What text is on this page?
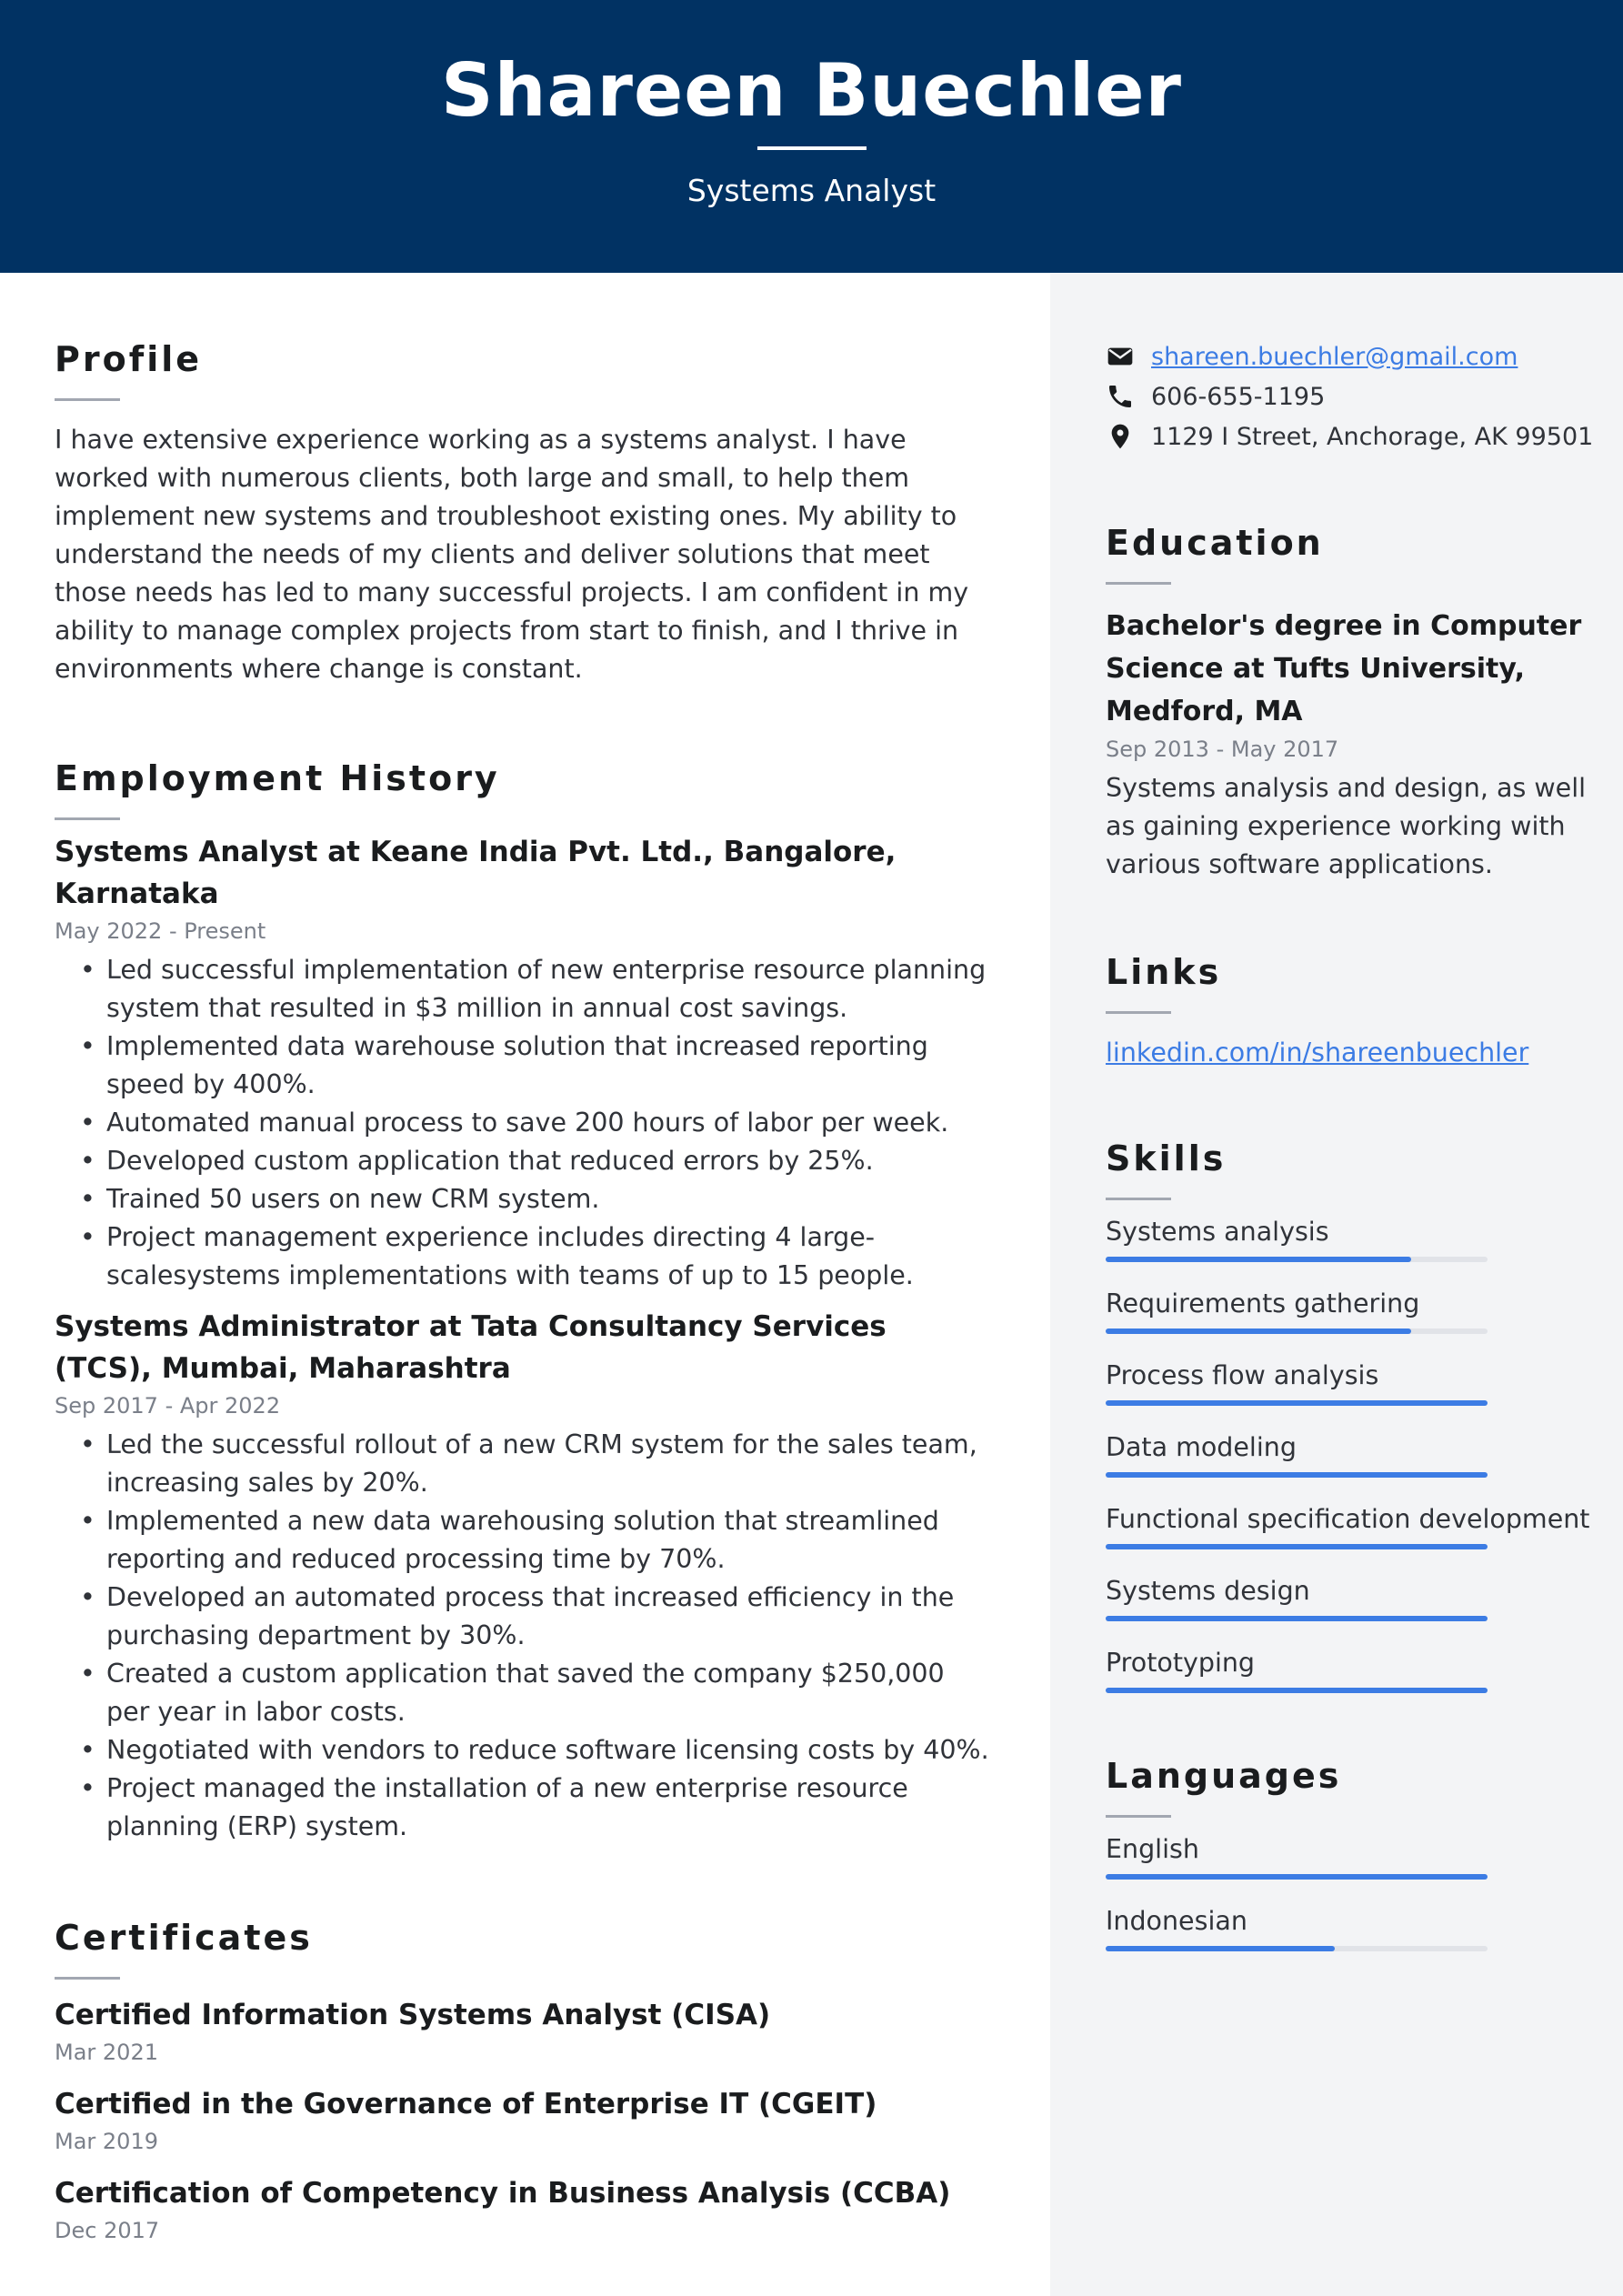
Shareen Buechler
Systems Analyst
Profile

I have extensive experience working as a systems analyst. I have worked with numerous clients, both large and small, to help them implement new systems and troubleshoot existing ones. My ability to understand the needs of my clients and deliver solutions that meet those needs has led to many successful projects. I am confident in my ability to manage complex projects from start to finish, and I thrive in environments where change is constant.

Employment History
Systems Analyst at Keane India Pvt. Ltd., Bangalore, Karnataka
May 2022 - Present
• Led successful implementation of new enterprise resource planning system that resulted in $3 million in annual cost savings.
• Implemented data warehouse solution that increased reporting speed by 400%.
• Automated manual process to save 200 hours of labor per week.
• Developed custom application that reduced errors by 25%.
• Trained 50 users on new CRM system.
• Project management experience includes directing 4 large-scalesystems implementations with teams of up to 15 people.
Systems Administrator at Tata Consultancy Services (TCS), Mumbai, Maharashtra
Sep 2017 - Apr 2022
• Led the successful rollout of a new CRM system for the sales team, increasing sales by 20%.
• Implemented a new data warehousing solution that streamlined reporting and reduced processing time by 70%.
• Developed an automated process that increased efficiency in the purchasing department by 30%.
• Created a custom application that saved the company $250,000 per year in labor costs.
• Negotiated with vendors to reduce software licensing costs by 40%.
• Project managed the installation of a new enterprise resource planning (ERP) system.
Certificates
Certified Information Systems Analyst (CISA)
Mar 2021
Certified in the Governance of Enterprise IT (CGEIT)
Mar 2019
Certification of Competency in Business Analysis (CCBA)
Dec 2017
shareen.buechler@gmail.com
606-655-1195
1129 I Street, Anchorage, AK 99501
Education
Bachelor's degree in Computer Science at Tufts University, Medford, MA
Sep 2013 - May 2017

Systems analysis and design, as well as gaining experience working with various software applications.

Links
linkedin.com/in/shareenbuechler
Skills
Systems analysis
Requirements gathering
Process flow analysis
Data modeling
Functional specification development
Systems design
Prototyping
Languages
English
Indonesian
